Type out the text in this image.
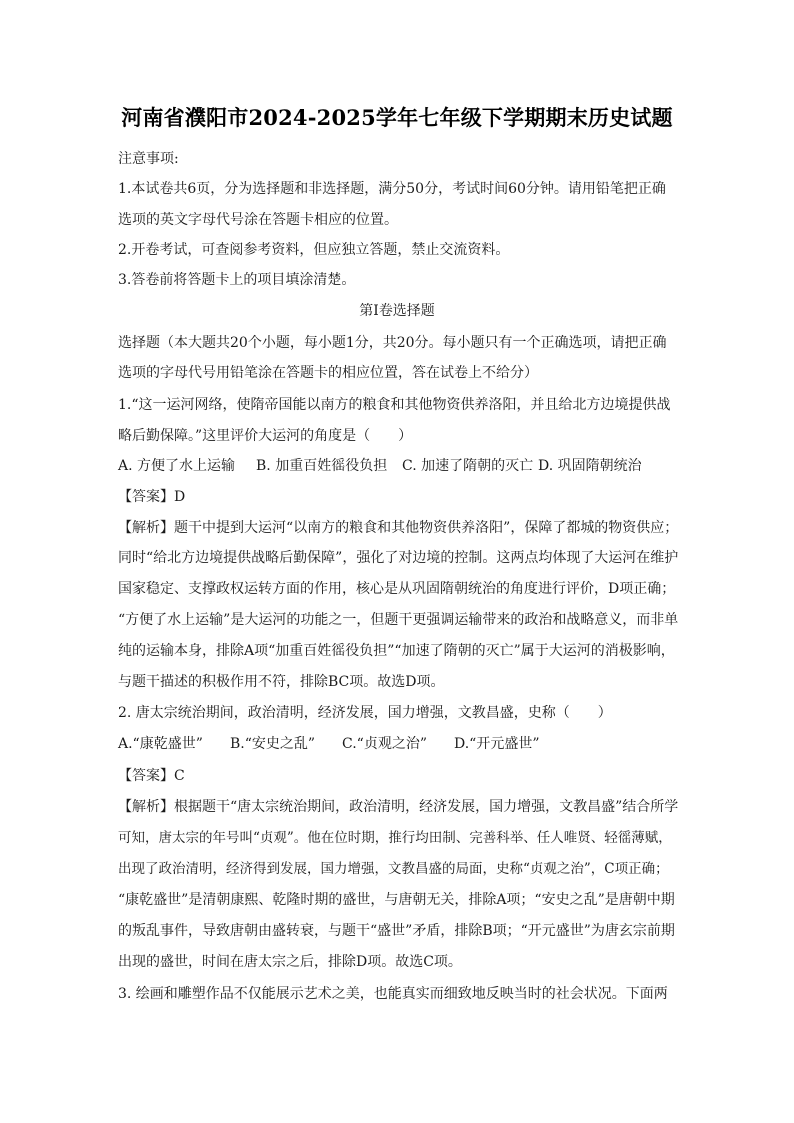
河南省濮阳市2024-2025学年七年级下学期期末历史试题
注意事项:
1.本试卷共6页，分为选择题和非选择题，满分50分，考试时间60分钟。请用铅笔把正确
选项的英文字母代号涂在答题卡相应的位置。
2.开卷考试，可查阅参考资料，但应独立答题，禁止交流资料。
3.答卷前将答题卡上的项目填涂清楚。
第I卷选择题
选择题（本大题共20个小题，每小题1分，共20分。每小题只有一个正确选项，请把正确
选项的字母代号用铅笔涂在答题卡的相应位置，答在试卷上不给分）
1.“这一运河网络，使隋帝国能以南方的粮食和其他物资供养洛阳，并且给北方边境提供战
略后勤保障。”这里评价大运河的角度是（　　）
A. 方便了水上运输 B. 加重百姓徭役负担 C. 加速了隋朝的灭亡 D. 巩固隋朝统治
【答案】D
【解析】题干中提到大运河“以南方的粮食和其他物资供养洛阳”，保障了都城的物资供应；
同时“给北方边境提供战略后勤保障”，强化了对边境的控制。这两点均体现了大运河在维护
国家稳定、支撑政权运转方面的作用，核心是从巩固隋朝统治的角度进行评价，D项正确；
“方便了水上运输”是大运河的功能之一，但题干更强调运输带来的政治和战略意义，而非单
纯的运输本身，排除A项“加重百姓徭役负担”“加速了隋朝的灭亡”属于大运河的消极影响，
与题干描述的积极作用不符，排除BC项。故选D项。
2. 唐太宗统治期间，政治清明，经济发展，国力增强，文教昌盛，史称（　　）
A.“康乾盛世” B.“安史之乱” C.“贞观之治” D.“开元盛世”
【答案】C
【解析】根据题干“唐太宗统治期间，政治清明，经济发展，国力增强，文教昌盛”结合所学
可知，唐太宗的年号叫“贞观”。他在位时期，推行均田制、完善科举、任人唯贤、轻徭薄赋，
出现了政治清明，经济得到发展，国力增强，文教昌盛的局面，史称“贞观之治”，C项正确；
“康乾盛世”是清朝康熙、乾隆时期的盛世，与唐朝无关，排除A项；“安史之乱”是唐朝中期
的叛乱事件，导致唐朝由盛转衰，与题干“盛世”矛盾，排除B项；“开元盛世”为唐玄宗前期
出现的盛世，时间在唐太宗之后，排除D项。故选C项。
3. 绘画和雕塑作品不仅能展示艺术之美，也能真实而细致地反映当时的社会状况。下面两
